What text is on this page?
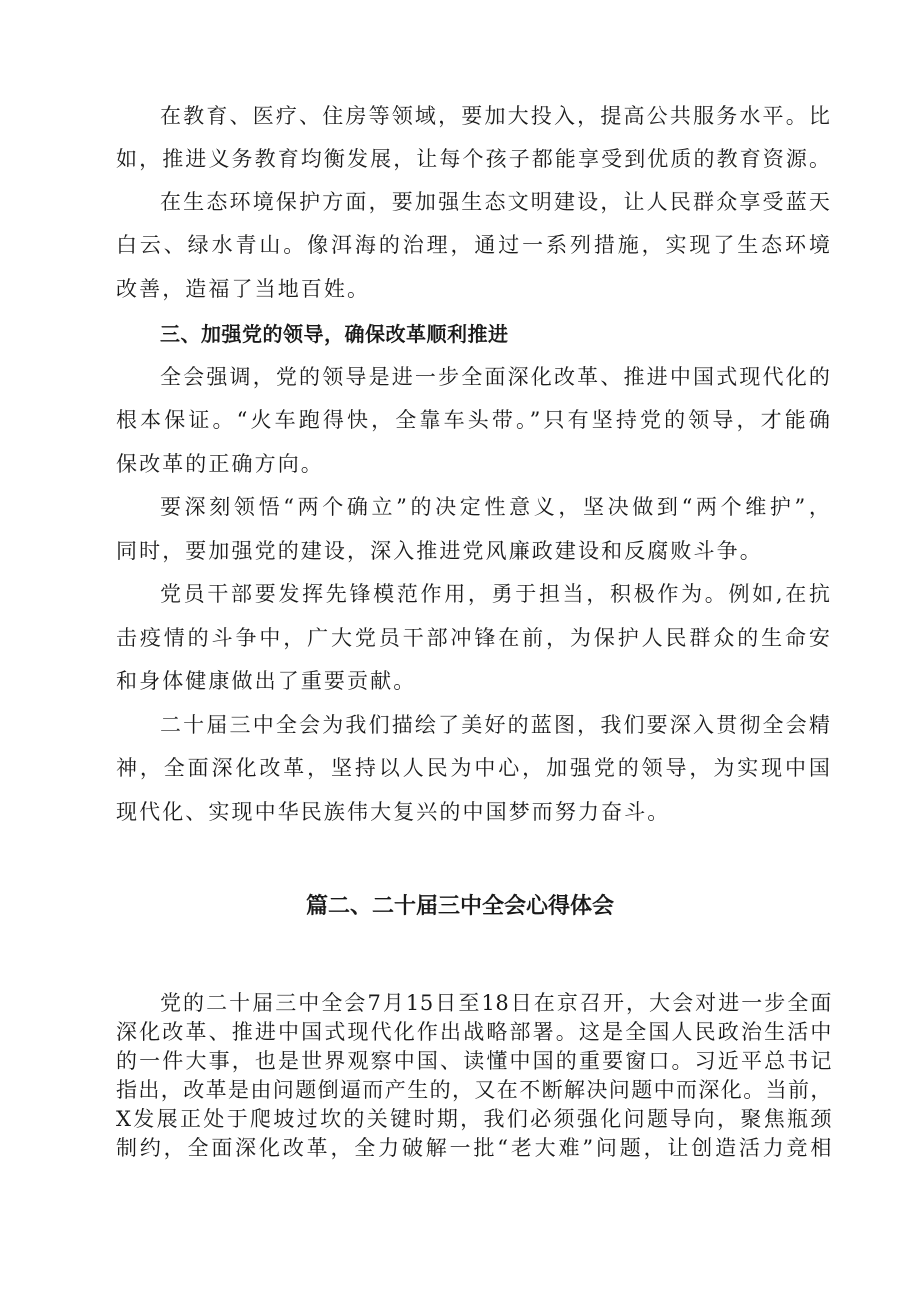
在教育、医疗、住房等领域，要加大投入，提高公共服务水平。比
如，推进义务教育均衡发展，让每个孩子都能享受到优质的教育资源。
在生态环境保护方面，要加强生态文明建设，让人民群众享受蓝天
白云、绿水青山。像洱海的治理，通过一系列措施，实现了生态环境
改善，造福了当地百姓。
三、加强党的领导，确保改革顺利推进
全会强调，党的领导是进一步全面深化改革、推进中国式现代化的
根本保证。“火车跑得快，全靠车头带。”只有坚持党的领导，才能确
保改革的正确方向。
要深刻领悟“两个确立”的决定性意义，坚决做到“两个维护”，
同时，要加强党的建设，深入推进党风廉政建设和反腐败斗争。
党员干部要发挥先锋模范作用，勇于担当，积极作为。例如,在抗
击疫情的斗争中，广大党员干部冲锋在前，为保护人民群众的生命安
和身体健康做出了重要贡献。
二十届三中全会为我们描绘了美好的蓝图，我们要深入贯彻全会精
神，全面深化改革，坚持以人民为中心，加强党的领导，为实现中国
现代化、实现中华民族伟大复兴的中国梦而努力奋斗。
篇二、二十届三中全会心得体会
党的二十届三中全会7月15日至18日在京召开，大会对进一步全面
深化改革、推进中国式现代化作出战略部署。这是全国人民政治生活中
的一件大事，也是世界观察中国、读懂中国的重要窗口。习近平总书记
指出，改革是由问题倒逼而产生的，又在不断解决问题中而深化。当前，
X发展正处于爬坡过坎的关键时期，我们必须强化问题导向，聚焦瓶颈
制约，全面深化改革，全力破解一批“老大难”问题，让创造活力竞相
